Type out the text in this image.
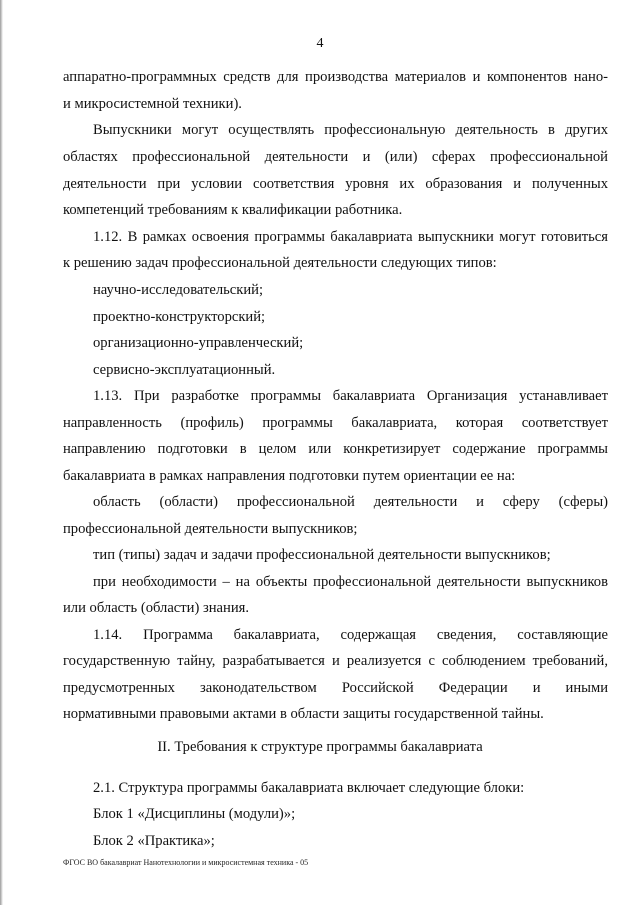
4
аппаратно-программных средств для производства материалов и компонентов нано-
и микросистемной техники).
Выпускники могут осуществлять профессиональную деятельность в других
областях профессиональной деятельности и (или) сферах профессиональной
деятельности при условии соответствия уровня их образования и полученных
компетенций требованиям к квалификации работника.
1.12. В рамках освоения программы бакалавриата выпускники могут готовиться
к решению задач профессиональной деятельности следующих типов:
научно-исследовательский;
проектно-конструкторский;
организационно-управленческий;
сервисно-эксплуатационный.
1.13. При разработке программы бакалавриата Организация устанавливает
направленность (профиль) программы бакалавриата, которая соответствует
направлению подготовки в целом или конкретизирует содержание программы
бакалавриата в рамках направления подготовки путем ориентации ее на:
область (области) профессиональной деятельности и сферу (сферы)
профессиональной деятельности выпускников;
тип (типы) задач и задачи профессиональной деятельности выпускников;
при необходимости – на объекты профессиональной деятельности выпускников
или область (области) знания.
1.14. Программа бакалавриата, содержащая сведения, составляющие
государственную тайну, разрабатывается и реализуется с соблюдением требований,
предусмотренных законодательством Российской Федерации и иными
нормативными правовыми актами в области защиты государственной тайны.
II. Требования к структуре программы бакалавриата
2.1. Структура программы бакалавриата включает следующие блоки:
Блок 1 «Дисциплины (модули)»;
Блок 2 «Практика»;
ФГОС ВО бакалавриат Нанотехнологии и микросистемная техника - 05
